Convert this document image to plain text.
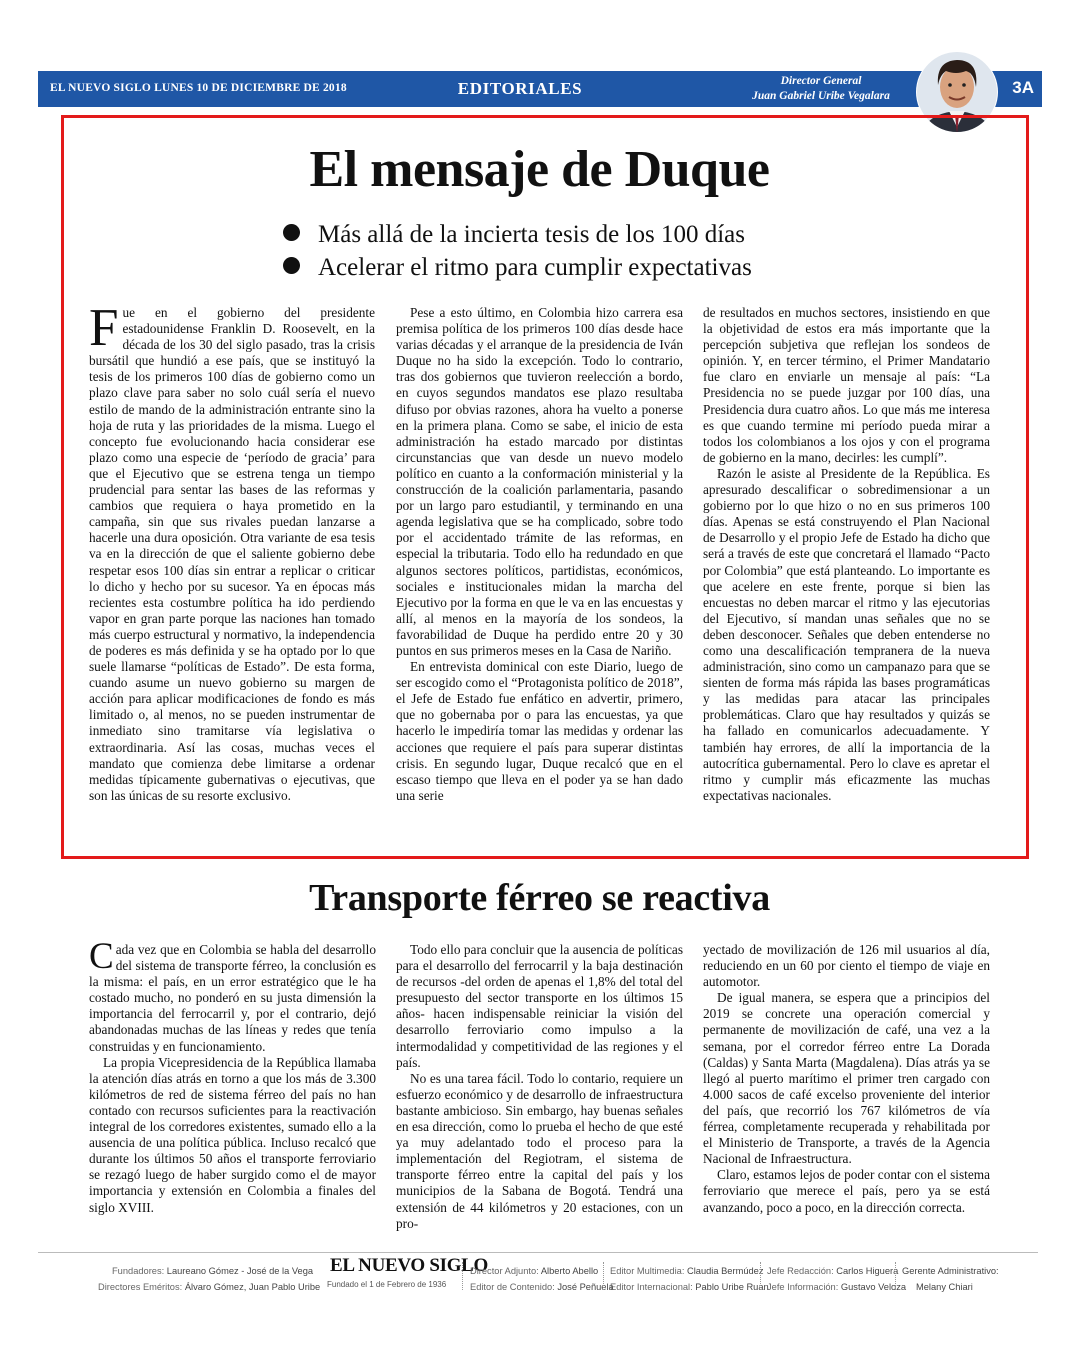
EL NUEVO SIGLO LUNES 10 DE DICIEMBRE DE 2018	EDITORIALES	Director General
Juan Gabriel Uribe Vegalara	3A
El mensaje de Duque
Más allá de la incierta tesis de los 100 días
Acelerar el ritmo para cumplir expectativas

Fue en el gobierno del presidente estadounidense Franklin D. Roosevelt, en la década de los 30 del siglo pasado, tras la crisis bursátil que hundió a ese país, que se instituyó la tesis de los primeros 100 días de gobierno como un plazo clave para saber no solo cuál sería el nuevo estilo de mando de la administración entrante sino la hoja de ruta y las prioridades de la misma. Luego el concepto fue evolucionando hacia considerar ese plazo como una especie de ‘período de gracia’ para que el Ejecutivo que se estrena tenga un tiempo prudencial para sentar las bases de las reformas y cambios que requiera o haya prometido en la campaña, sin que sus rivales puedan lanzarse a hacerle una dura oposición. Otra variante de esa tesis va en la dirección de que el saliente gobierno debe respetar esos 100 días sin entrar a replicar o criticar lo dicho y hecho por su sucesor. Ya en épocas más recientes esta costumbre política ha ido perdiendo vapor en gran parte porque las naciones han tomado más cuerpo estructural y normativo, la independencia de poderes es más definida y se ha optado por lo que suele llamarse “políticas de Estado”. De esta forma, cuando asume un nuevo gobierno su margen de acción para aplicar modificaciones de fondo es más limitado o, al menos, no se pueden instrumentar de inmediato sino tramitarse vía legislativa o extraordinaria. Así las cosas, muchas veces el mandato que comienza debe limitarse a ordenar medidas típicamente gubernativas o ejecutivas, que son las únicas de su resorte exclusivo.

Pese a esto último, en Colombia hizo carrera esa premisa política de los primeros 100 días desde hace varias décadas y el arranque de la presidencia de Iván Duque no ha sido la excepción. Todo lo contrario, tras dos gobiernos que tuvieron reelección a bordo, en cuyos segundos mandatos ese plazo resultaba difuso por obvias razones, ahora ha vuelto a ponerse en la primera plana. Como se sabe, el inicio de esta administración ha estado marcado por distintas circunstancias que van desde un nuevo modelo político en cuanto a la conformación ministerial y la construcción de la coalición parlamentaria, pasando por un largo paro estudiantil, y terminando en una agenda legislativa que se ha complicado, sobre todo por el accidentado trámite de las reformas, en especial la tributaria. Todo ello ha redundado en que algunos sectores políticos, partidistas, económicos, sociales e institucionales midan la marcha del Ejecutivo por la forma en que le va en las encuestas y allí, al menos en la mayoría de los sondeos, la favorabilidad de Duque ha perdido entre 20 y 30 puntos en sus primeros meses en la Casa de Nariño.

En entrevista dominical con este Diario, luego de ser escogido como el “Protagonista político de 2018”, el Jefe de Estado fue enfático en advertir, primero, que no gobernaba por o para las encuestas, ya que hacerlo le impediría tomar las medidas y ordenar las acciones que requiere el país para superar distintas crisis. En segundo lugar, Duque recalcó que en el escaso tiempo que lleva en el poder ya se han dado una serie

de resultados en muchos sectores, insistiendo en que la objetividad de estos era más importante que la percepción subjetiva que reflejan los sondeos de opinión. Y, en tercer término, el Primer Mandatario fue claro en enviarle un mensaje al país: “La Presidencia no se puede juzgar por 100 días, una Presidencia dura cuatro años. Lo que más me interesa es que cuando termine mi período pueda mirar a todos los colombianos a los ojos y con el programa de gobierno en la mano, decirles: les cumplí”.

Razón le asiste al Presidente de la República. Es apresurado descalificar o sobredimensionar a un gobierno por lo que hizo o no en sus primeros 100 días. Apenas se está construyendo el Plan Nacional de Desarrollo y el propio Jefe de Estado ha dicho que será a través de este que concretará el llamado “Pacto por Colombia” que está planteando. Lo importante es que acelere en este frente, porque si bien las encuestas no deben marcar el ritmo y las ejecutorias del Ejecutivo, sí mandan unas señales que no se deben desconocer. Señales que deben entenderse no como una descalificación tempranera de la nueva administración, sino como un campanazo para que se sienten de forma más rápida las bases programáticas y las medidas para atacar las principales problemáticas. Claro que hay resultados y quizás se ha fallado en comunicarlos adecuadamente. Y también hay errores, de allí la importancia de la autocrítica gubernamental. Pero lo clave es apretar el ritmo y cumplir más eficazmente las muchas expectativas nacionales.

Transporte férreo se reactiva

Cada vez que en Colombia se habla del desarrollo del sistema de transporte férreo, la conclusión es la misma: el país, en un error estratégico que le ha costado mucho, no ponderó en su justa dimensión la importancia del ferrocarril y, por el contrario, dejó abandonadas muchas de las líneas y redes que tenía construidas y en funcionamiento.

La propia Vicepresidencia de la República llamaba la atención días atrás en torno a que los más de 3.300 kilómetros de red de sistema férreo del país no han contado con recursos suficientes para la reactivación integral de los corredores existentes, sumado ello a la ausencia de una política pública. Incluso recalcó que durante los últimos 50 años el transporte ferroviario se rezagó luego de haber surgido como el de mayor importancia y extensión en Colombia a finales del siglo XVIII.

Todo ello para concluir que la ausencia de políticas para el desarrollo del ferrocarril y la baja destinación de recursos -del orden de apenas el 1,8% del total del presupuesto del sector transporte en los últimos 15 años- hacen indispensable reiniciar la visión del desarrollo ferroviario como impulso a la intermodalidad y competitividad de las regiones y el país.

No es una tarea fácil. Todo lo contario, requiere un esfuerzo económico y de desarrollo de infraestructura bastante ambicioso. Sin embargo, hay buenas señales en esa dirección, como lo prueba el hecho de que esté ya muy adelantado todo el proceso para la implementación del Regiotram, el sistema de transporte férreo entre la capital del país y los municipios de la Sabana de Bogotá. Tendrá una extensión de 44 kilómetros y 20 estaciones, con un pro-

yectado de movilización de 126 mil usuarios al día, reduciendo en un 60 por ciento el tiempo de viaje en automotor.

De igual manera, se espera que a principios del 2019 se concrete una operación comercial y permanente de movilización de café, una vez a la semana, por el corredor férreo entre La Dorada (Caldas) y Santa Marta (Magdalena). Días atrás ya se llegó al puerto marítimo el primer tren cargado con 4.000 sacos de café excelso proveniente del interior del país, que recorrió los 767 kilómetros de vía férrea, completamente recuperada y rehabilitada por el Ministerio de Transporte, a través de la Agencia Nacional de Infraestructura.

Claro, estamos lejos de poder contar con el sistema ferroviario que merece el país, pero ya se está avanzando, poco a poco, en la dirección correcta.

Fundadores: Laureano Gómez - José de la Vega
Directores Eméritos: Álvaro Gómez, Juan Pablo Uribe
EL NUEVO SIGLO
Fundado el 1 de Febrero de 1936
Director Adjunto: Alberto Abello
Editor de Contenido: José Peñuela
Editor Multimedia: Claudia Bermúdez
Editor Internacional: Pablo Uribe Ruan
Jefe Redacción: Carlos Higuera
Jefe Información: Gustavo Veloza
Gerente Administrativo:
Melany Chiari
